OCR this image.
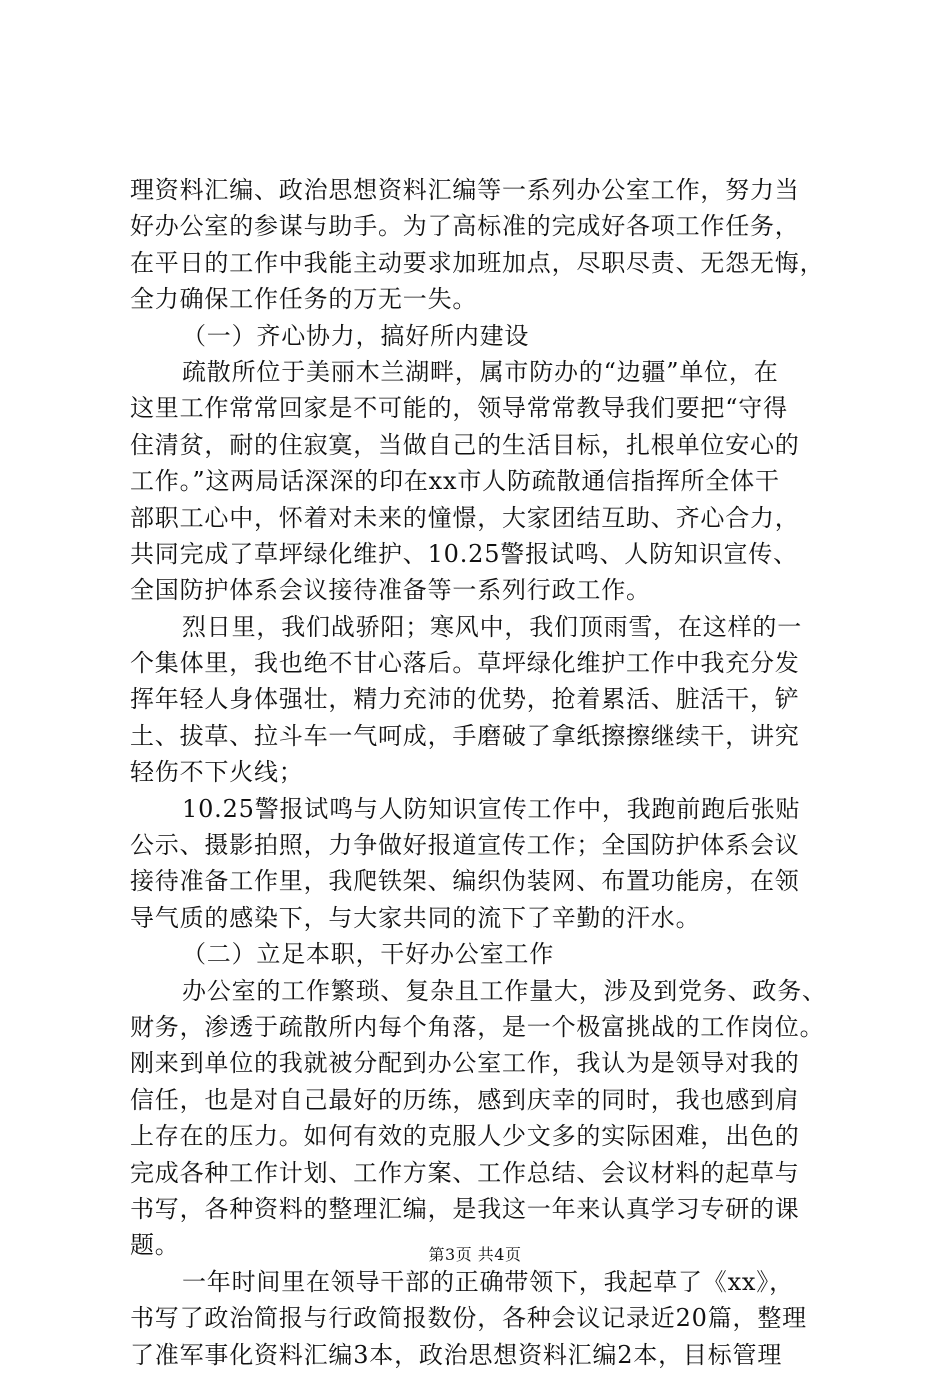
理资料汇编、政治思想资料汇编等一系列办公室工作，努力当
好办公室的参谋与助手。为了高标准的完成好各项工作任务，
在平日的工作中我能主动要求加班加点，尽职尽责、无怨无悔，
全力确保工作任务的万无一失。
（一）齐心协力，搞好所内建设
疏散所位于美丽木兰湖畔，属市防办的“边疆”单位，在
这里工作常常回家是不可能的，领导常常教导我们要把“守得
住清贫，耐的住寂寞，当做自己的生活目标，扎根单位安心的
工作。”这两局话深深的印在xx市人防疏散通信指挥所全体干
部职工心中，怀着对未来的憧憬，大家团结互助、齐心合力，
共同完成了草坪绿化维护、10.25警报试鸣、人防知识宣传、
全国防护体系会议接待准备等一系列行政工作。
烈日里，我们战骄阳；寒风中，我们顶雨雪，在这样的一
个集体里，我也绝不甘心落后。草坪绿化维护工作中我充分发
挥年轻人身体强壮，精力充沛的优势，抢着累活、脏活干，铲
土、拔草、拉斗车一气呵成，手磨破了拿纸擦擦继续干，讲究
轻伤不下火线；
10.25警报试鸣与人防知识宣传工作中，我跑前跑后张贴
公示、摄影拍照，力争做好报道宣传工作；全国防护体系会议
接待准备工作里，我爬铁架、编织伪装网、布置功能房，在领
导气质的感染下，与大家共同的流下了辛勤的汗水。
（二）立足本职，干好办公室工作
办公室的工作繁琐、复杂且工作量大，涉及到党务、政务、
财务，渗透于疏散所内每个角落，是一个极富挑战的工作岗位。
刚来到单位的我就被分配到办公室工作，我认为是领导对我的
信任，也是对自己最好的历练，感到庆幸的同时，我也感到肩
上存在的压力。如何有效的克服人少文多的实际困难，出色的
完成各种工作计划、工作方案、工作总结、会议材料的起草与
书写，各种资料的整理汇编，是我这一年来认真学习专研的课
题。
一年时间里在领导干部的正确带领下，我起草了《xx》，
书写了政治简报与行政简报数份，各种会议记录近20篇，整理
了准军事化资料汇编3本，政治思想资料汇编2本，目标管理
第3页 共4页
